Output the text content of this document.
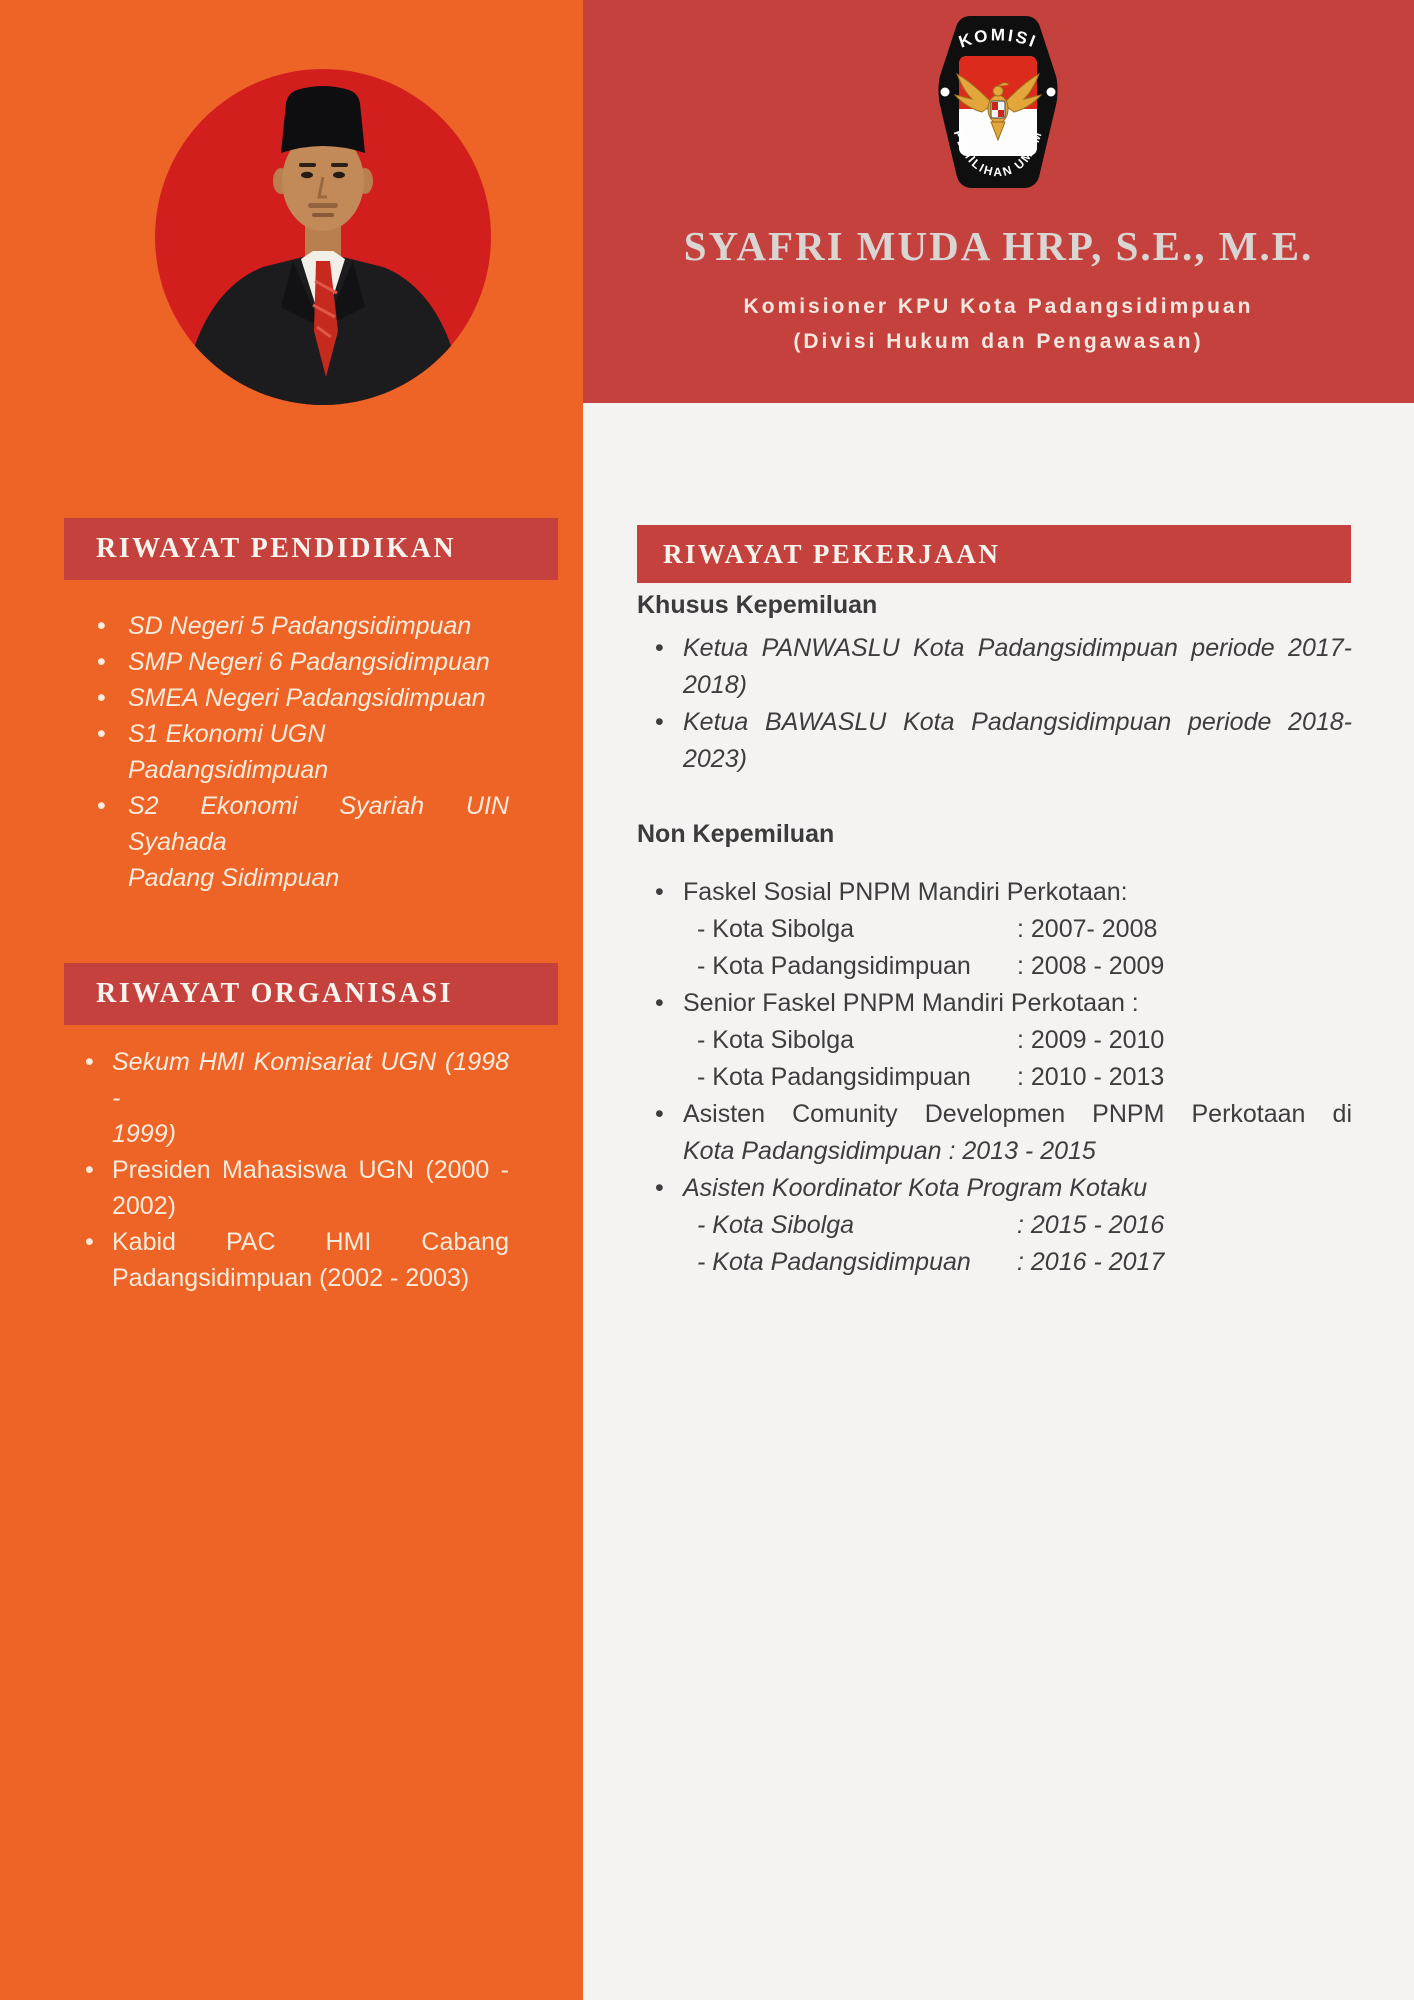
KOMISI
PEMILIHAN UMUM
SYAFRI MUDA HRP, S.E., M.E.
Komisioner KPU Kota Padangsidimpuan
(Divisi Hukum dan Pengawasan)
RIWAYAT PENDIDIKAN
• SD Negeri 5 Padangsidimpuan
• SMP Negeri 6 Padangsidimpuan
• SMEA Negeri Padangsidimpuan
• S1 Ekonomi UGN Padangsidimpuan
• S2 Ekonomi Syariah UIN Syahada
Padang Sidimpuan
RIWAYAT ORGANISASI
• Sekum HMI Komisariat UGN (1998 -
1999)
• Presiden Mahasiswa UGN (2000 -
2002)
• Kabid PAC HMI Cabang
Padangsidimpuan (2002 - 2003)
RIWAYAT PEKERJAAN
Khusus Kepemiluan
• Ketua PANWASLU Kota Padangsidimpuan periode 2017-
2018)
• Ketua BAWASLU Kota Padangsidimpuan periode 2018-
2023)
Non Kepemiluan
• Faskel Sosial PNPM Mandiri Perkotaan:
- Kota Sibolga	: 2007- 2008
- Kota Padangsidimpuan	: 2008 - 2009
• Senior Faskel PNPM Mandiri Perkotaan :
- Kota Sibolga	: 2009 - 2010
- Kota Padangsidimpuan	: 2010 - 2013
• Asisten Comunity Developmen PNPM Perkotaan di
Kota Padangsidimpuan : 2013 - 2015
• Asisten Koordinator Kota Program Kotaku
- Kota Sibolga	: 2015 - 2016
- Kota Padangsidimpuan	: 2016 - 2017
